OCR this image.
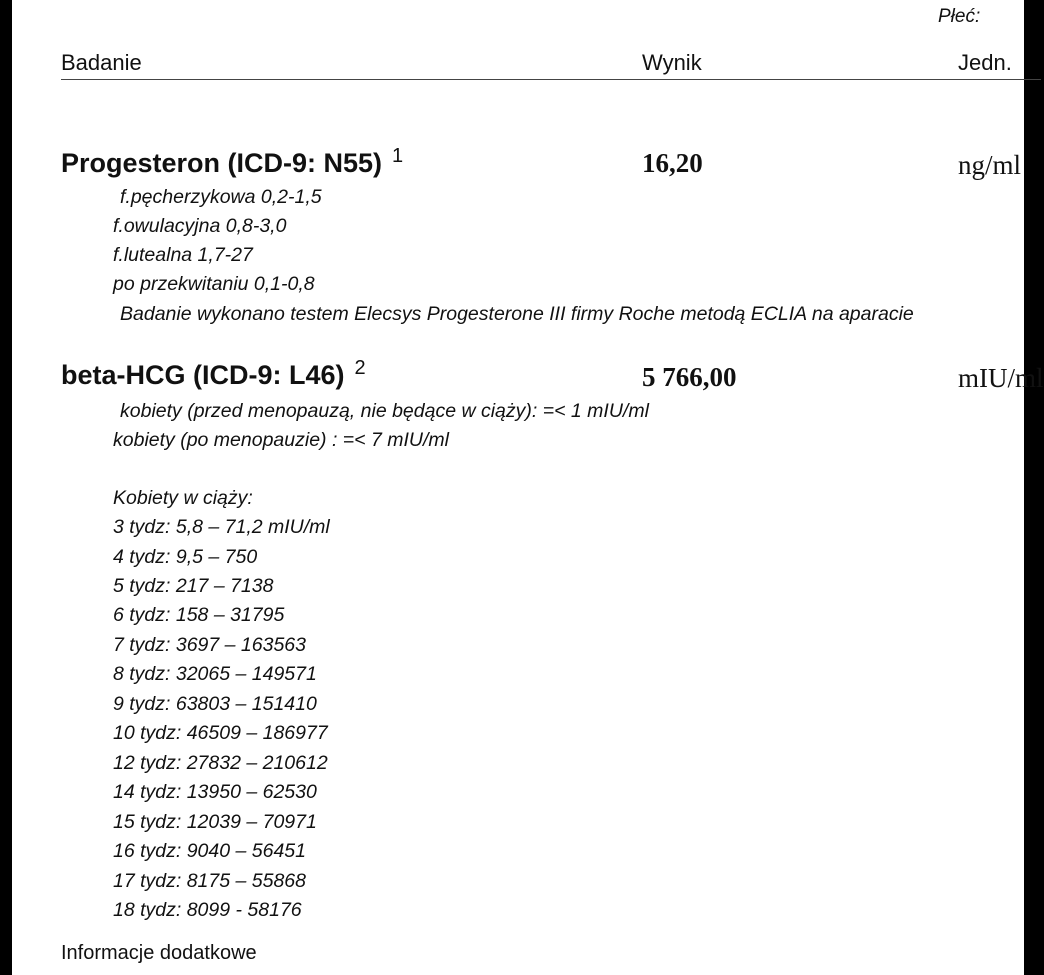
Płeć:
Badanie	Wynik	Jedn.
Progesteron (ICD-9: N55) $^1$	16,20	ng/ml
f.pęcherzykowa 0,2-1,5
f.owulacyjna 0,8-3,0
f.lutealna 1,7-27
po przekwitaniu 0,1-0,8
Badanie wykonano testem Elecsys Progesterone III firmy Roche metodą ECLIA na aparacie
beta-HCG (ICD-9: L46) $^2$	5 766,00	mIU/ml
kobiety (przed menopauzą, nie będące w ciąży): =< 1 mIU/ml
kobiety (po menopauzie) : =< 7 mIU/ml
Kobiety w ciąży:
3 tydz: 5,8 – 71,2 mIU/ml
4 tydz: 9,5 – 750
5 tydz: 217 – 7138
6 tydz: 158 – 31795
7 tydz: 3697 – 163563
8 tydz: 32065 – 149571
9 tydz: 63803 – 151410
10 tydz: 46509 – 186977
12 tydz: 27832 – 210612
14 tydz: 13950 – 62530
15 tydz: 12039 – 70971
16 tydz: 9040 – 56451
17 tydz: 8175 – 55868
18 tydz: 8099 - 58176
Informacje dodatkowe
